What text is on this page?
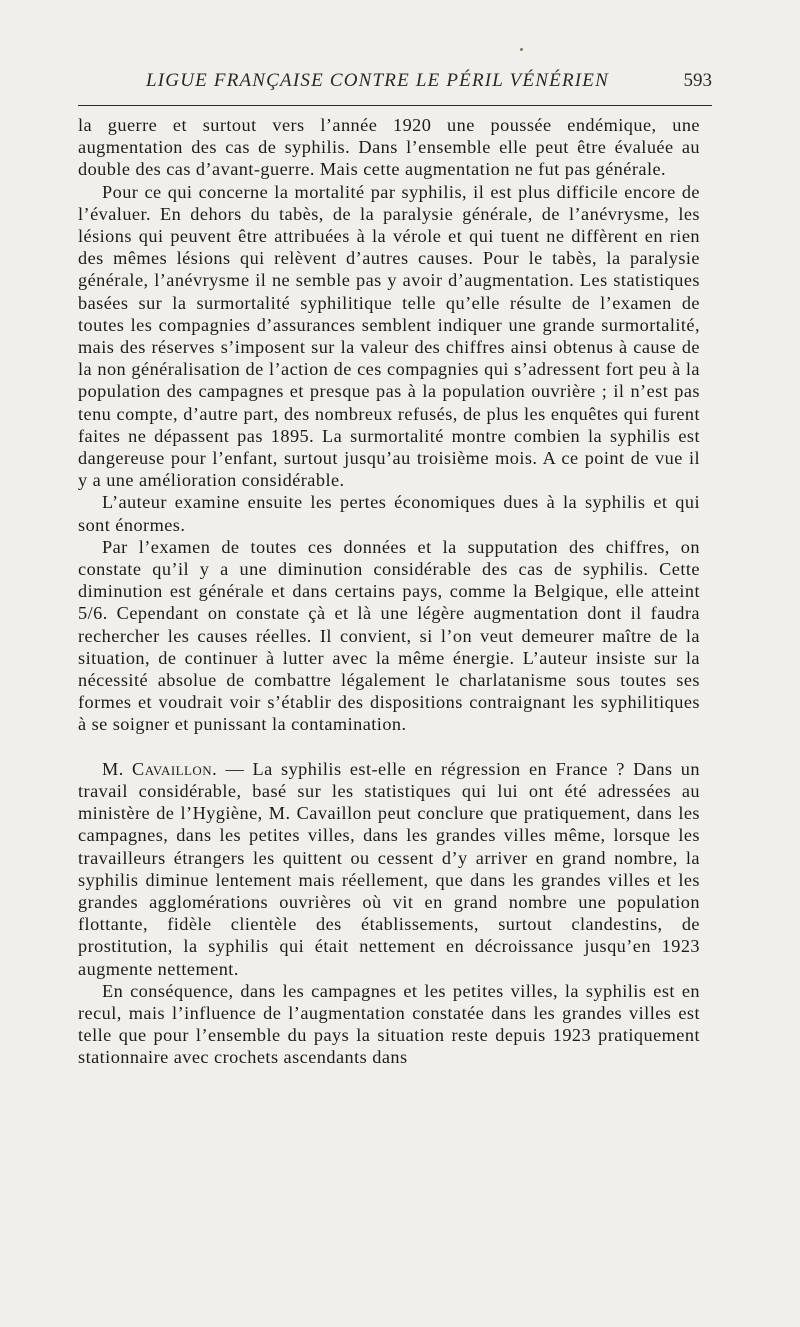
LIGUE FRANÇAISE CONTRE LE PÉRIL VÉNÉRIEN	593

la guerre et surtout vers l’année 1920 une poussée endémique, une augmentation des cas de syphilis. Dans l’ensemble elle peut être évaluée au double des cas d’avant-guerre. Mais cette augmentation ne fut pas générale.

Pour ce qui concerne la mortalité par syphilis, il est plus difficile encore de l’évaluer. En dehors du tabès, de la paralysie générale, de l’anévrysme, les lésions qui peuvent être attribuées à la vérole et qui tuent ne diffèrent en rien des mêmes lésions qui relèvent d’autres causes. Pour le tabès, la paralysie générale, l’anévrysme il ne semble pas y avoir d’augmentation. Les statistiques basées sur la surmortalité syphilitique telle qu’elle résulte de l’examen de toutes les compagnies d’assurances semblent indiquer une grande surmortalité, mais des réserves s’imposent sur la valeur des chiffres ainsi obtenus à cause de la non généralisation de l’action de ces compagnies qui s’adressent fort peu à la population des campagnes et presque pas à la population ouvrière ; il n’est pas tenu compte, d’autre part, des nombreux refusés, de plus les enquêtes qui furent faites ne dépassent pas 1895. La surmortalité montre combien la syphilis est dangereuse pour l’enfant, surtout jusqu’au troisième mois. A ce point de vue il y a une amélioration considérable.

L’auteur examine ensuite les pertes économiques dues à la syphilis et qui sont énormes.

Par l’examen de toutes ces données et la supputation des chiffres, on constate qu’il y a une diminution considérable des cas de syphilis. Cette diminution est générale et dans certains pays, comme la Belgique, elle atteint 5/6. Cependant on constate çà et là une légère augmentation dont il faudra rechercher les causes réelles. Il convient, si l’on veut demeurer maître de la situation, de continuer à lutter avec la même énergie. L’auteur insiste sur la nécessité absolue de combattre légalement le charlatanisme sous toutes ses formes et voudrait voir s’établir des dispositions contraignant les syphilitiques à se soigner et punissant la contamination.

M. Cavaillon. — La syphilis est-elle en régression en France ? Dans un travail considérable, basé sur les statistiques qui lui ont été adressées au ministère de l’Hygiène, M. Cavaillon peut conclure que pratiquement, dans les campagnes, dans les petites villes, dans les grandes villes même, lorsque les travailleurs étrangers les quittent ou cessent d’y arriver en grand nombre, la syphilis diminue lentement mais réellement, que dans les grandes villes et les grandes agglomérations ouvrières où vit en grand nombre une population flottante, fidèle clientèle des établissements, surtout clandestins, de prostitution, la syphilis qui était nettement en décroissance jusqu’en 1923 augmente nettement.

En conséquence, dans les campagnes et les petites villes, la syphilis est en recul, mais l’influence de l’augmentation constatée dans les grandes villes est telle que pour l’ensemble du pays la situation reste depuis 1923 pratiquement stationnaire avec crochets ascendants dans
